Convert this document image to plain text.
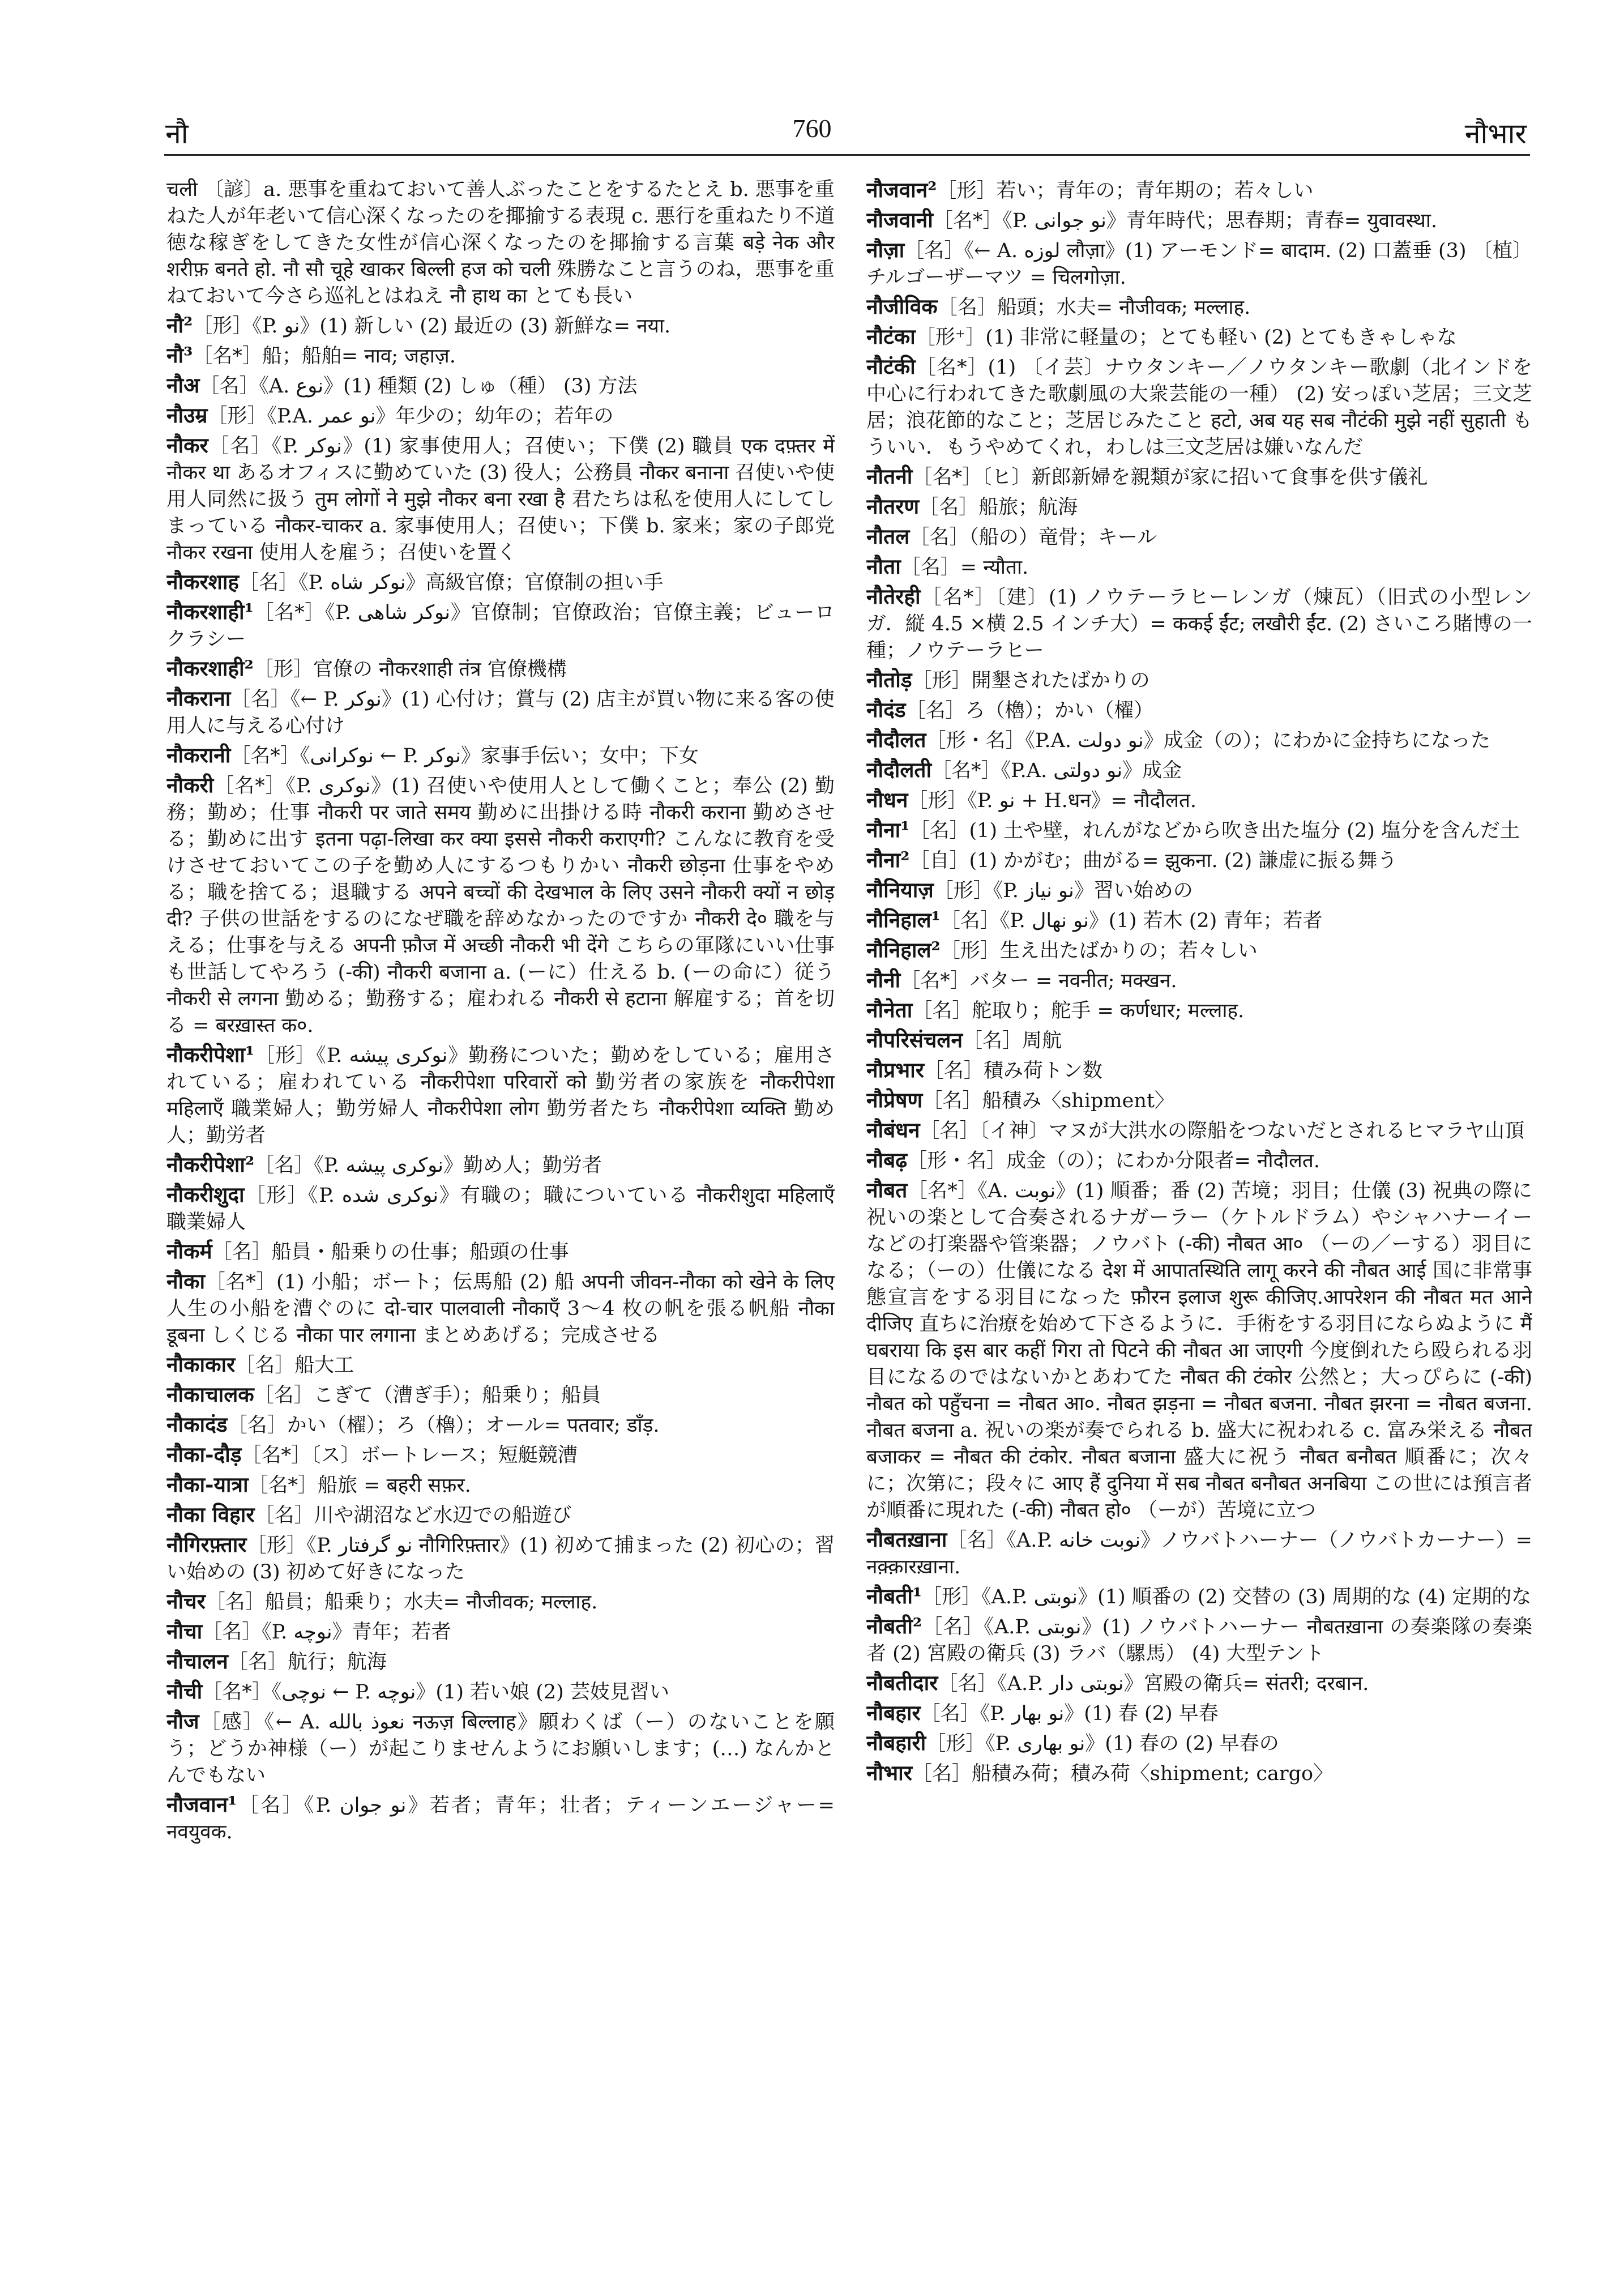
नौ	760	नौभार
चली 〔諺〕a. 悪事を重ねておいて善人ぶったことをするたとえ b. 悪事を重ねた人が年老いて信心深くなったのを揶揄する表現 c. 悪行を重ねたり不道徳な稼ぎをしてきた女性が信心深くなったのを揶揄する言葉 बड़े नेक और शरीफ़ बनते हो. नौ सौ चूहे खाकर बिल्ली हज को चली 殊勝なこと言うのね，悪事を重ねておいて今さら巡礼とはねえ नौ हाथ का とても長い
नौ²［形］《P. نو》(1) 新しい (2) 最近の (3) 新鮮な= नया.
नौ³［名*］船；船舶= नाव; जहाज़.
नौअ［名］《A. نوع》(1) 種類 (2) しゅ（種） (3) 方法
नौउम्र［形］《P.A. نو عمر》年少の；幼年の；若年の
नौकर［名］《P. نوکر》(1) 家事使用人；召使い；下僕 (2) 職員 एक दफ़्तर में नौकर था あるオフィスに勤めていた (3) 役人；公務員 नौकर बनाना 召使いや使用人同然に扱う तुम लोगों ने मुझे नौकर बना रखा है 君たちは私を使用人にしてしまっている नौकर-चाकर a. 家事使用人；召使い；下僕 b. 家来；家の子郎党 नौकर रखना 使用人を雇う；召使いを置く
नौकरशाह［名］《P. نوکر شاه》高級官僚；官僚制の担い手
नौकरशाही¹［名*］《P. نوکر شاهی》官僚制；官僚政治；官僚主義；ビューロクラシー
नौकरशाही²［形］官僚の नौकरशाही तंत्र 官僚機構
नौकराना［名］《← P. نوکر》(1) 心付け；賞与 (2) 店主が買い物に来る客の使用人に与える心付け
नौकरानी［名*］《نوکرانی ← P. نوکر》家事手伝い；女中；下女
नौकरी［名*］《P. نوکری》(1) 召使いや使用人として働くこと；奉公 (2) 勤務；勤め；仕事 नौकरी पर जाते समय 勤めに出掛ける時 नौकरी कराना 勤めさせる；勤めに出す इतना पढ़ा-लिखा कर क्या इससे नौकरी कराएगी? こんなに教育を受けさせておいてこの子を勤め人にするつもりかい नौकरी छोड़ना 仕事をやめる；職を捨てる；退職する अपने बच्चों की देखभाल के लिए उसने नौकरी क्यों न छोड़ दी? 子供の世話をするのになぜ職を辞めなかったのですか नौकरी दे० 職を与える；仕事を与える अपनी फ़ौज में अच्छी नौकरी भी देंगे こちらの軍隊にいい仕事も世話してやろう (-की) नौकरी बजाना a. (ーに）仕える b. (ーの命に）従う नौकरी से लगना 勤める；勤務する；雇われる नौकरी से हटाना 解雇する；首を切る = बरख़ास्त क०.
नौकरीपेशा¹［形］《P. نوکری پیشه》勤務についた；勤めをしている；雇用されている；雇われている नौकरीपेशा परिवारों को 勤労者の家族を नौकरीपेशा महिलाएँ 職業婦人；勤労婦人 नौकरीपेशा लोग 勤労者たち नौकरीपेशा व्यक्ति 勤め人；勤労者
नौकरीपेशा²［名］《P. نوکری پیشه》勤め人；勤労者
नौकरीशुदा［形］《P. نوکری شده》有職の；職についている नौकरीशुदा महिलाएँ 職業婦人
नौकर्म［名］船員・船乗りの仕事；船頭の仕事
नौका［名*］(1) 小船；ボート；伝馬船 (2) 船 अपनी जीवन-नौका को खेने के लिए 人生の小船を漕ぐのに दो-चार पालवाली नौकाएँ 3～4 枚の帆を張る帆船 नौका डूबना しくじる नौका पार लगाना まとめあげる；完成させる
नौकाकार［名］船大工
नौकाचालक［名］こぎて（漕ぎ手）；船乗り；船員
नौकादंड［名］かい（櫂）；ろ（櫓）；オール= पतवार; डाँड़.
नौका-दौड़［名*］〔ス〕ボートレース；短艇競漕
नौका-यात्रा［名*］船旅 = बहरी सफ़र.
नौका विहार［名］川や湖沼など水辺での船遊び
नौगिरफ़्तार［形］《P. نو گرفتار नौगिरिफ़्तार》(1) 初めて捕まった (2) 初心の；習い始めの (3) 初めて好きになった
नौचर［名］船員；船乗り；水夫= नौजीवक; मल्लाह.
नौचा［名］《P. نوچه》青年；若者
नौचालन［名］航行；航海
नौची［名*］《نوچی ← P. نوچه》(1) 若い娘 (2) 芸妓見習い
नौज［感］《← A. نعوذ بالله नऊज़ बिल्लाह》願わくば（ー）のないことを願う；どうか神様（ー）が起こりませんようにお願いします；(…) なんかとんでもない
नौजवान¹［名］《P. نو جوان》若者；青年；壮者；ティーンエージャー= नवयुवक.
नौजवान²［形］若い；青年の；青年期の；若々しい
नौजवानी［名*］《P. نو جوانی》青年時代；思春期；青春= युवावस्था.
नौज़ा［名］《← A. لوزه लौज़ा》(1) アーモンド= बादाम. (2) 口蓋垂 (3) 〔植〕チルゴーザーマツ = चिलगोज़ा.
नौजीविक［名］船頭；水夫= नौजीवक; मल्लाह.
नौटंका［形⁺］(1) 非常に軽量の；とても軽い (2) とてもきゃしゃな
नौटंकी［名*］(1) 〔イ芸〕ナウタンキー／ノウタンキー歌劇（北インドを中心に行われてきた歌劇風の大衆芸能の一種） (2) 安っぽい芝居；三文芝居；浪花節的なこと；芝居じみたこと हटो, अब यह सब नौटंकी मुझे नहीं सुहाती もういい．もうやめてくれ，わしは三文芝居は嫌いなんだ
नौतनी［名*］〔ヒ〕新郎新婦を親類が家に招いて食事を供す儀礼
नौतरण［名］船旅；航海
नौतल［名］（船の）竜骨；キール
नौता［名］= न्यौता.
नौतेरही［名*］〔建〕(1) ノウテーラヒーレンガ（煉瓦）（旧式の小型レンガ．縦 4.5 ×横 2.5 インチ大）= ककई ईंट; लखौरी ईंट. (2) さいころ賭博の一種；ノウテーラヒー
नौतोड़［形］開墾されたばかりの
नौदंड［名］ろ（櫓）；かい（櫂）
नौदौलत［形・名］《P.A. نو دولت》成金（の）；にわかに金持ちになった
नौदौलती［名*］《P.A. نو دولتی》成金
नौधन［形］《P. نو + H.धन》= नौदौलत.
नौना¹［名］(1) 土や壁，れんがなどから吹き出た塩分 (2) 塩分を含んだ土
नौना²［自］(1) かがむ；曲がる= झुकना. (2) 謙虚に振る舞う
नौनियाज़［形］《P. نو نیاز》習い始めの
नौनिहाल¹［名］《P. نو نهال》(1) 若木 (2) 青年；若者
नौनिहाल²［形］生え出たばかりの；若々しい
नौनी［名*］バター = नवनीत; मक्खन.
नौनेता［名］舵取り；舵手 = कर्णधार; मल्लाह.
नौपरिसंचलन［名］周航
नौप्रभार［名］積み荷トン数
नौप्रेषण［名］船積み〈shipment〉
नौबंधन［名］〔イ神〕マヌが大洪水の際船をつないだとされるヒマラヤ山頂
नौबढ़［形・名］成金（の）；にわか分限者= नौदौलत.
नौबत［名*］《A. نوبت》(1) 順番；番 (2) 苦境；羽目；仕儀 (3) 祝典の際に祝いの楽として合奏されるナガーラー（ケトルドラム）やシャハナーイーなどの打楽器や管楽器；ノウバト (-की) नौबत आ० （ーの／ーする）羽目になる；（ーの）仕儀になる देश में आपातस्थिति लागू करने की नौबत आई 国に非常事態宣言をする羽目になった फ़ौरन इलाज शुरू कीजिए.आपरेशन की नौबत मत आने दीजिए 直ちに治療を始めて下さるように．手術をする羽目にならぬように मैं घबराया कि इस बार कहीं गिरा तो पिटने की नौबत आ जाएगी 今度倒れたら殴られる羽目になるのではないかとあわてた नौबत की टंकोर 公然と；大っぴらに (-की) नौबत को पहुँचना = नौबत आ०. नौबत झड़ना = नौबत बजना. नौबत झरना = नौबत बजना. नौबत बजना a. 祝いの楽が奏でられる b. 盛大に祝われる c. 富み栄える नौबत बजाकर = नौबत की टंकोर. नौबत बजाना 盛大に祝う नौबत बनौबत 順番に；次々に；次第に；段々に आए हैं दुनिया में सब नौबत बनौबत अनबिया この世には預言者が順番に現れた (-की) नौबत हो० （ーが）苦境に立つ
नौबतख़ाना［名］《A.P. نوبت خانه》ノウバトハーナー（ノウバトカーナー）= नक़्क़ारख़ाना.
नौबती¹［形］《A.P. نوبتی》(1) 順番の (2) 交替の (3) 周期的な (4) 定期的な
नौबती²［名］《A.P. نوبتی》(1) ノウバトハーナー नौबतख़ाना の奏楽隊の奏楽者 (2) 宮殿の衛兵 (3) ラバ（騾馬） (4) 大型テント
नौबतीदार［名］《A.P. نوبتی دار》宮殿の衛兵= संतरी; दरबान.
नौबहार［名］《P. نو بهار》(1) 春 (2) 早春
नौबहारी［形］《P. نو بهاری》(1) 春の (2) 早春の
नौभार［名］船積み荷；積み荷〈shipment; cargo〉
